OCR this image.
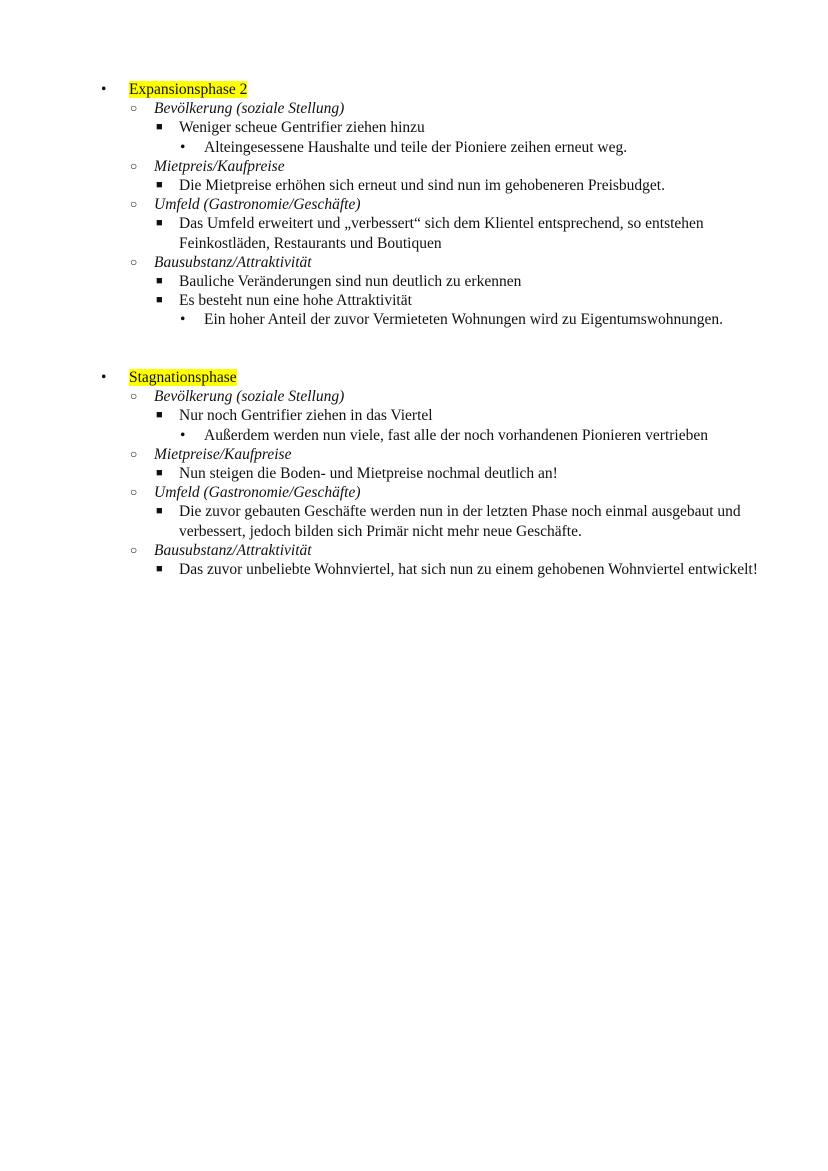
• Expansionsphase 2
○ Bevölkerung (soziale Stellung)
■ Weniger scheue Gentrifier ziehen hinzu
• Alteingesessene Haushalte und teile der Pioniere zeihen erneut weg.
○ Mietpreis/Kaufpreise
■ Die Mietpreise erhöhen sich erneut und sind nun im gehobeneren Preisbudget.
○ Umfeld (Gastronomie/Geschäfte)
■ Das Umfeld erweitert und „verbessert“ sich dem Klientel entsprechend, so entstehen Feinkostläden, Restaurants und Boutiquen
○ Bausubstanz/Attraktivität
■ Bauliche Veränderungen sind nun deutlich zu erkennen
■ Es besteht nun eine hohe Attraktivität
• Ein hoher Anteil der zuvor Vermieteten Wohnungen wird zu Eigentumswohnungen.
• Stagnationsphase
○ Bevölkerung (soziale Stellung)
■ Nur noch Gentrifier ziehen in das Viertel
• Außerdem werden nun viele, fast alle der noch vorhandenen Pionieren vertrieben
○ Mietpreise/Kaufpreise
■ Nun steigen die Boden- und Mietpreise nochmal deutlich an!
○ Umfeld (Gastronomie/Geschäfte)
■ Die zuvor gebauten Geschäfte werden nun in der letzten Phase noch einmal ausgebaut und verbessert, jedoch bilden sich Primär nicht mehr neue Geschäfte.
○ Bausubstanz/Attraktivität
■ Das zuvor unbeliebte Wohnviertel, hat sich nun zu einem gehobenen Wohnviertel entwickelt!
